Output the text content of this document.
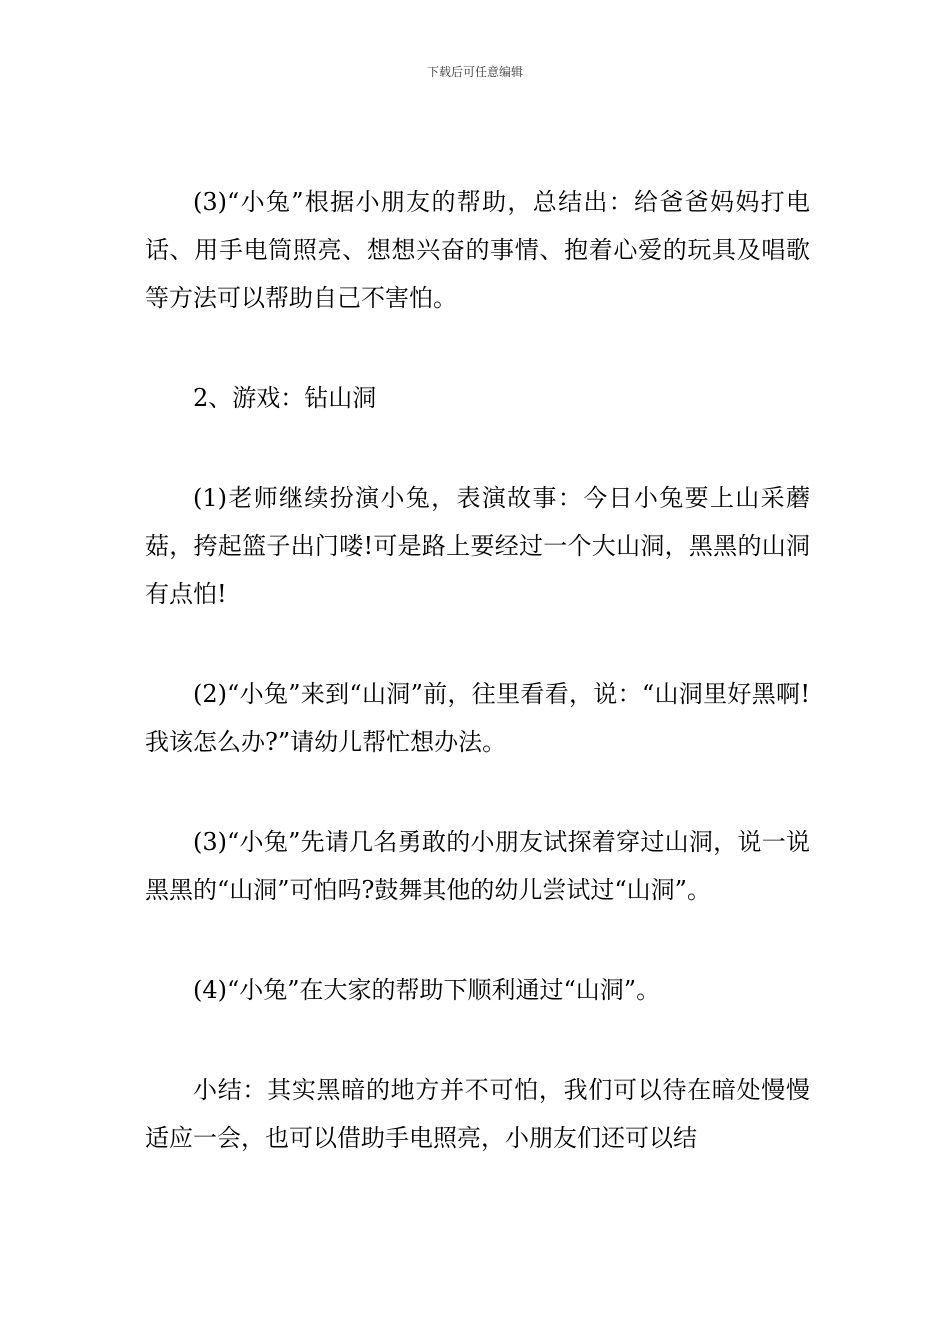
下载后可任意编辑

(3)“小兔”根据小朋友的帮助，总结出：给爸爸妈妈打电话、用手电筒照亮、想想兴奋的事情、抱着心爱的玩具及唱歌等方法可以帮助自己不害怕。

2、游戏：钻山洞

(1)老师继续扮演小兔，表演故事：今日小兔要上山采蘑菇，挎起篮子出门喽!可是路上要经过一个大山洞，黑黑的山洞有点怕!

(2)“小兔”来到“山洞”前，往里看看，说：“山洞里好黑啊!我该怎么办?”请幼儿帮忙想办法。

(3)“小兔”先请几名勇敢的小朋友试探着穿过山洞，说一说黑黑的“山洞”可怕吗?鼓舞其他的幼儿尝试过“山洞”。

(4)“小兔”在大家的帮助下顺利通过“山洞”。

小结：其实黑暗的地方并不可怕，我们可以待在暗处慢慢适应一会，也可以借助手电照亮，小朋友们还可以结
